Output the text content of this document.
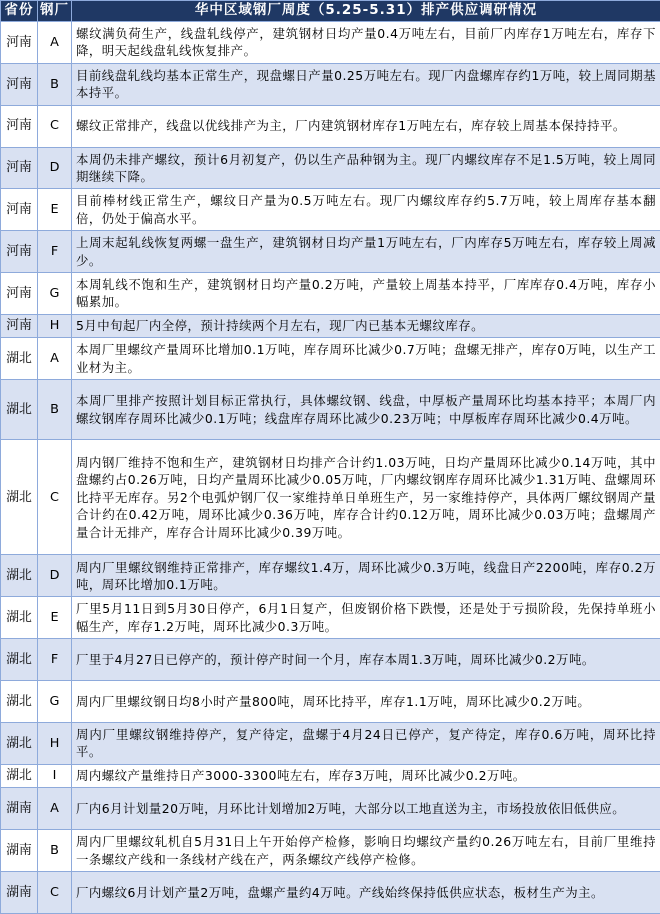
省份	钢厂	华中区域钢厂周度（5.25-5.31）排产供应调研情况
河南	A	螺纹满负荷生产，线盘轧线停产，建筑钢材日均产量0.4万吨左右，目前厂内库存1万吨左右，库存下降，明天起线盘轧线恢复排产。
河南	B	目前线盘轧线均基本正常生产，现盘螺日产量0.25万吨左右。现厂内盘螺库存约1万吨，较上周同期基本持平。
河南	C	螺纹正常排产，线盘以优线排产为主，厂内建筑钢材库存1万吨左右，库存较上周基本保持持平。
河南	D	本周仍未排产螺纹，预计6月初复产，仍以生产品种钢为主。现厂内螺纹库存不足1.5万吨，较上周同期继续下降。
河南	E	目前棒材线正常生产，螺纹日产量为0.5万吨左右。现厂内螺纹库存约5.7万吨，较上周库存基本翻倍，仍处于偏高水平。
河南	F	上周末起轧线恢复两螺一盘生产，建筑钢材日均产量1万吨左右，厂内库存5万吨左右，库存较上周减少。
河南	G	本周轧线不饱和生产，建筑钢材日均产量0.2万吨，产量较上周基本持平，厂库库存0.4万吨，库存小幅累加。
河南	H	5月中旬起厂内全停，预计持续两个月左右，现厂内已基本无螺纹库存。
湖北	A	本周厂里螺纹产量周环比增加0.1万吨，库存周环比减少0.7万吨；盘螺无排产，库存0万吨，以生产工业材为主。
湖北	B	本周厂里排产按照计划目标正常执行，具体螺纹钢、线盘，中厚板产量周环比均基本持平；本周厂内螺纹钢库存周环比减少0.1万吨；线盘库存周环比减少0.23万吨；中厚板库存周环比减少0.4万吨。
湖北	C	周内钢厂维持不饱和生产，建筑钢材日均排产合计约1.03万吨，日均产量周环比减少0.14万吨，其中盘螺约占0.26万吨，日均产量周环比减少0.05万吨，厂内螺纹钢库存周环比减少1.31万吨、盘螺周环比持平无库存。另2个电弧炉钢厂仅一家维持单日单班生产，另一家维持停产，具体两厂螺纹钢周产量合计约在0.42万吨，周环比减少0.36万吨，库存合计约0.12万吨，周环比减少0.03万吨；盘螺周产量合计无排产，库存合计周环比减少0.39万吨。
湖北	D	周内厂里螺纹钢维持正常排产，库存螺纹1.4万，周环比减少0.3万吨，线盘日产2200吨，库存0.2万吨，周环比增加0.1万吨。
湖北	E	厂里5月11日到5月30日停产，6月1日复产，但废钢价格下跌慢，还是处于亏损阶段，先保持单班小幅生产，库存1.2万吨，周环比减少0.3万吨。
湖北	F	厂里于4月27日已停产的，预计停产时间一个月，库存本周1.3万吨，周环比减少0.2万吨。
湖北	G	周内厂里螺纹钢日均8小时产量800吨，周环比持平，库存1.1万吨，周环比减少0.2万吨。
湖北	H	周内厂里螺纹钢维持停产，复产待定，盘螺于4月24日已停产，复产待定，库存0.6万吨，周环比持平。
湖北	I	周内螺纹产量维持日产3000-3300吨左右，库存3万吨，周环比减少0.2万吨。
湖南	A	厂内6月计划量20万吨，月环比计划增加2万吨，大部分以工地直送为主，市场投放依旧低供应。
湖南	B	周内厂里螺纹轧机自5月31日上午开始停产检修，影响日均螺纹产量约0.26万吨左右，目前厂里维持一条螺纹产线和一条线材产线在产，两条螺纹产线停产检修。
湖南	C	厂内螺纹6月计划产量2万吨，盘螺产量约4万吨。产线始终保持低供应状态，板材生产为主。
